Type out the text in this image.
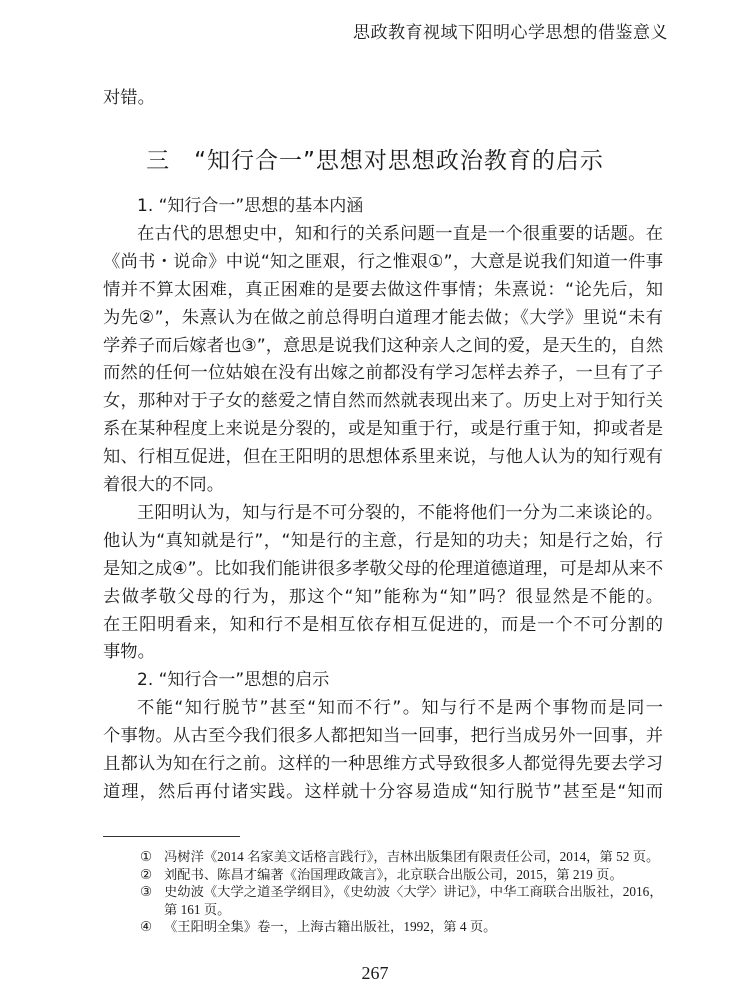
思政教育视域下阳明心学思想的借鉴意义
对错。
三　“知行合一”思想对思想政治教育的启示
1. “知行合一”思想的基本内涵
在古代的思想史中，知和行的关系问题一直是一个很重要的话题。在
《尚书・说命》中说“知之匪艰，行之惟艰①”，大意是说我们知道一件事
情并不算太困难，真正困难的是要去做这件事情；朱熹说：“论先后，知
为先②”，朱熹认为在做之前总得明白道理才能去做；《大学》里说“未有
学养子而后嫁者也③”，意思是说我们这种亲人之间的爱，是天生的，自然
而然的任何一位姑娘在没有出嫁之前都没有学习怎样去养子，一旦有了子
女，那种对于子女的慈爱之情自然而然就表现出来了。历史上对于知行关
系在某种程度上来说是分裂的，或是知重于行，或是行重于知，抑或者是
知、行相互促进，但在王阳明的思想体系里来说，与他人认为的知行观有
着很大的不同。
王阳明认为，知与行是不可分裂的，不能将他们一分为二来谈论的。
他认为“真知就是行”，“知是行的主意，行是知的功夫；知是行之始，行
是知之成④”。比如我们能讲很多孝敬父母的伦理道德道理，可是却从来不
去做孝敬父母的行为，那这个“知”能称为“知”吗？很显然是不能的。
在王阳明看来，知和行不是相互依存相互促进的，而是一个不可分割的
事物。
2. “知行合一”思想的启示
不能“知行脱节”甚至“知而不行”。知与行不是两个事物而是同一
个事物。从古至今我们很多人都把知当一回事，把行当成另外一回事，并
且都认为知在行之前。这样的一种思维方式导致很多人都觉得先要去学习
道理，然后再付诸实践。这样就十分容易造成“知行脱节”甚至是“知而
① 冯树洋《2014 名家美文话格言践行》，吉林出版集团有限责任公司，2014，第 52 页。
② 刘配书、陈昌才编著《治国理政箴言》，北京联合出版公司，2015，第 219 页。
③ 史幼波《大学之道圣学纲目》，《史幼波〈大学〉讲记》，中华工商联合出版社，2016，
第 161 页。
④ 《王阳明全集》卷一，上海古籍出版社，1992，第 4 页。
267
